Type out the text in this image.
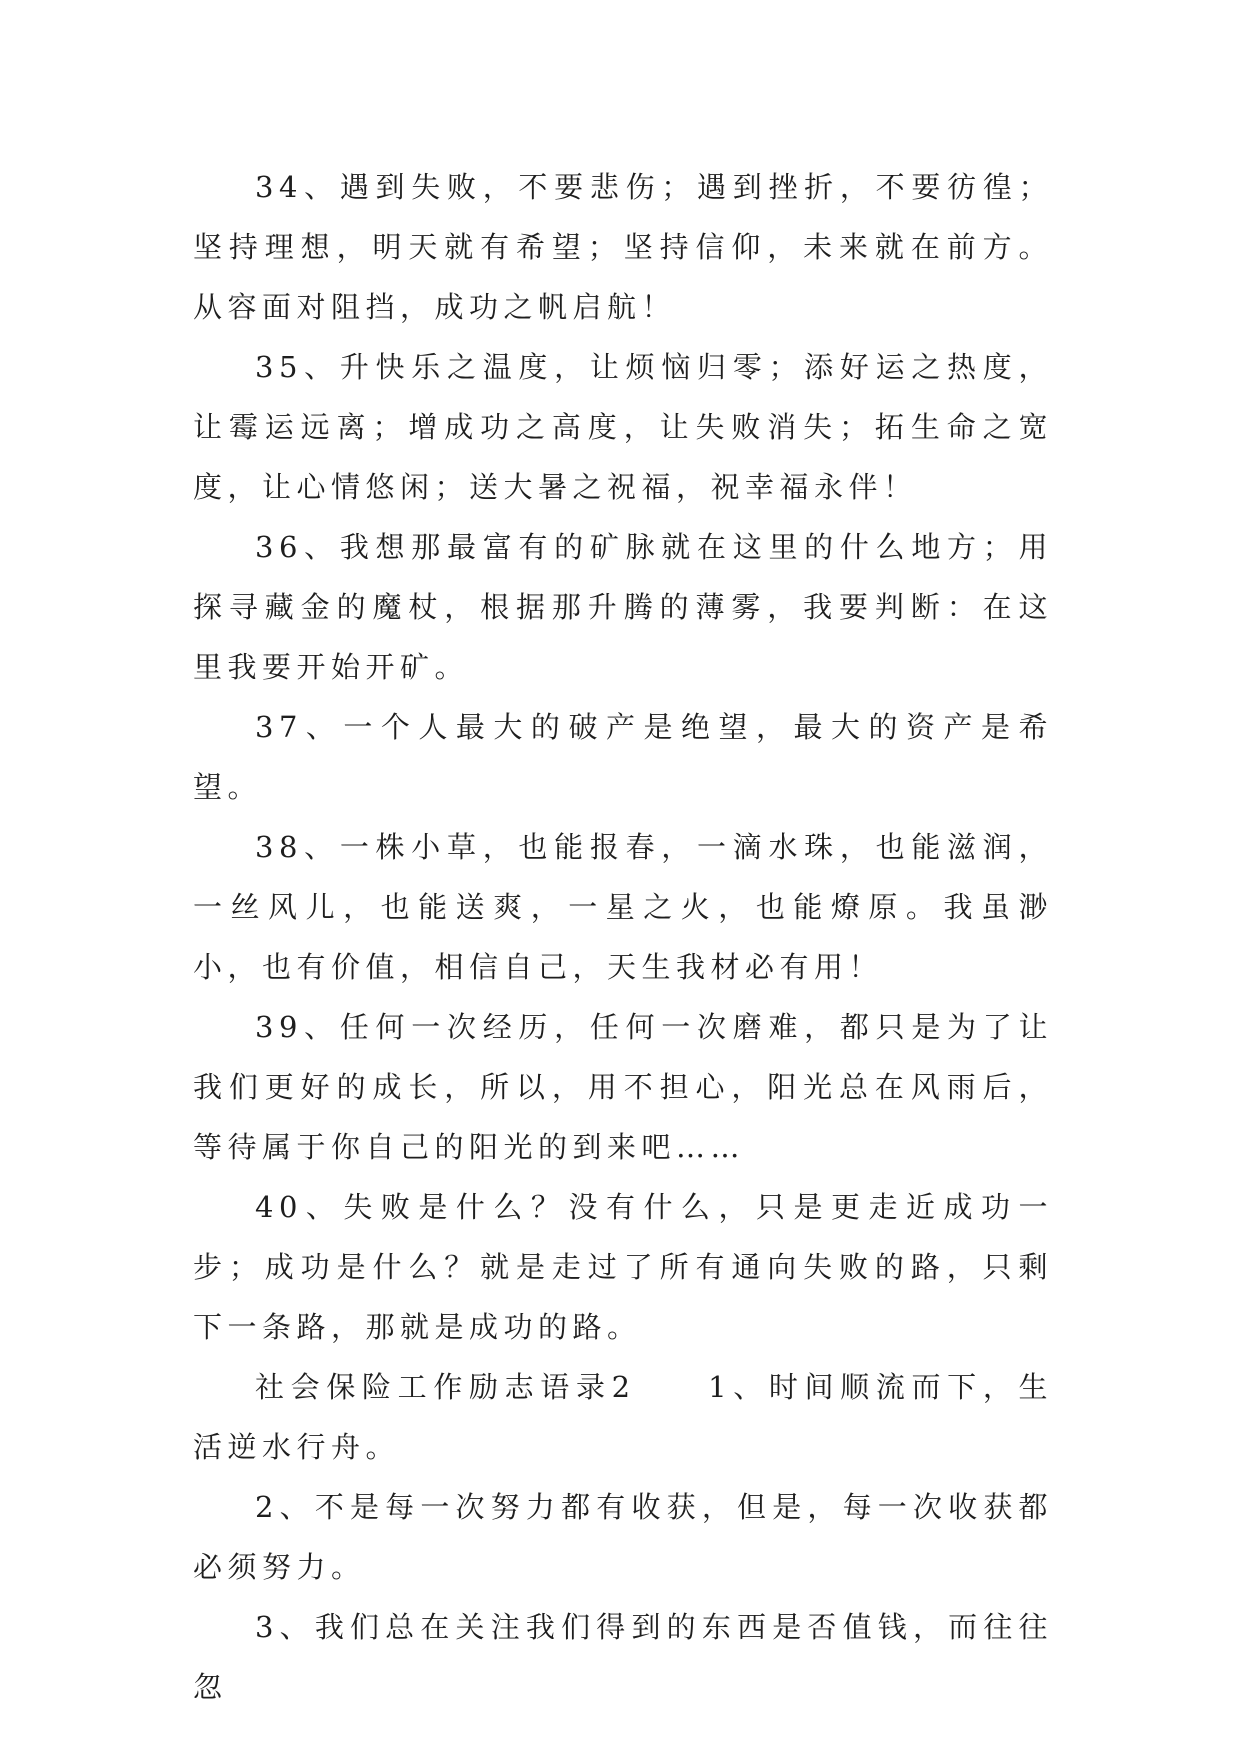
34、遇到失败，不要悲伤；遇到挫折，不要彷徨；坚持理想，明天就有希望；坚持信仰，未来就在前方。从容面对阻挡，成功之帆启航！

35、升快乐之温度，让烦恼归零；添好运之热度，让霉运远离；增成功之高度，让失败消失；拓生命之宽度，让心情悠闲；送大暑之祝福，祝幸福永伴！

36、我想那最富有的矿脉就在这里的什么地方；用探寻藏金的魔杖，根据那升腾的薄雾，我要判断：在这里我要开始开矿。

37、一个人最大的破产是绝望，最大的资产是希望。

38、一株小草，也能报春，一滴水珠，也能滋润，一丝风儿，也能送爽，一星之火，也能燎原。我虽渺小，也有价值，相信自己，天生我材必有用！

39、任何一次经历，任何一次磨难，都只是为了让我们更好的成长，所以，用不担心，阳光总在风雨后，等待属于你自己的阳光的到来吧……

40、失败是什么？没有什么，只是更走近成功一步；成功是什么？就是走过了所有通向失败的路，只剩下一条路，那就是成功的路。

社会保险工作励志语录2　　1、时间顺流而下，生活逆水行舟。

2、不是每一次努力都有收获，但是，每一次收获都必须努力。

3、我们总在关注我们得到的东西是否值钱，而往往忽
